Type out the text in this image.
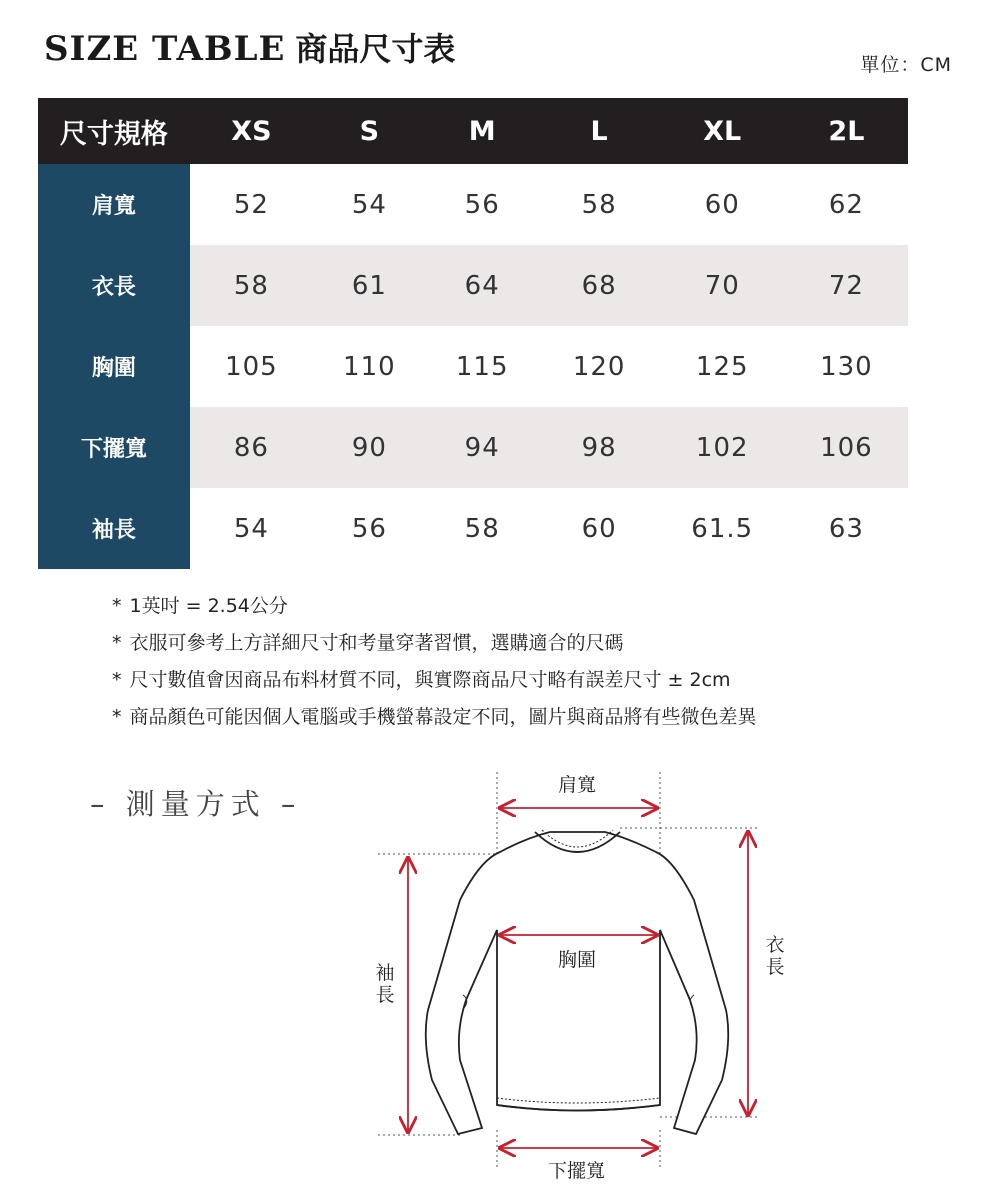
SIZE TABLE 商品尺寸表	單位：CM
尺寸規格	XS	S	M	L	XL	2L
肩寬	52	54	56	58	60	62
衣長	58	61	64	68	70	72
胸圍	105	110	115	120	125	130
下擺寬	86	90	94	98	102	106
袖長	54	56	58	60	61.5	63
* 1英吋 = 2.54公分
* 衣服可參考上方詳細尺寸和考量穿著習慣，選購適合的尺碼
* 尺寸數值會因商品布料材質不同，與實際商品尺寸略有誤差尺寸 ± 2cm
* 商品顏色可能因個人電腦或手機螢幕設定不同，圖片與商品將有些微色差異
– 測量方式 –
肩寬
胸圍
下擺寬
袖長
衣長
